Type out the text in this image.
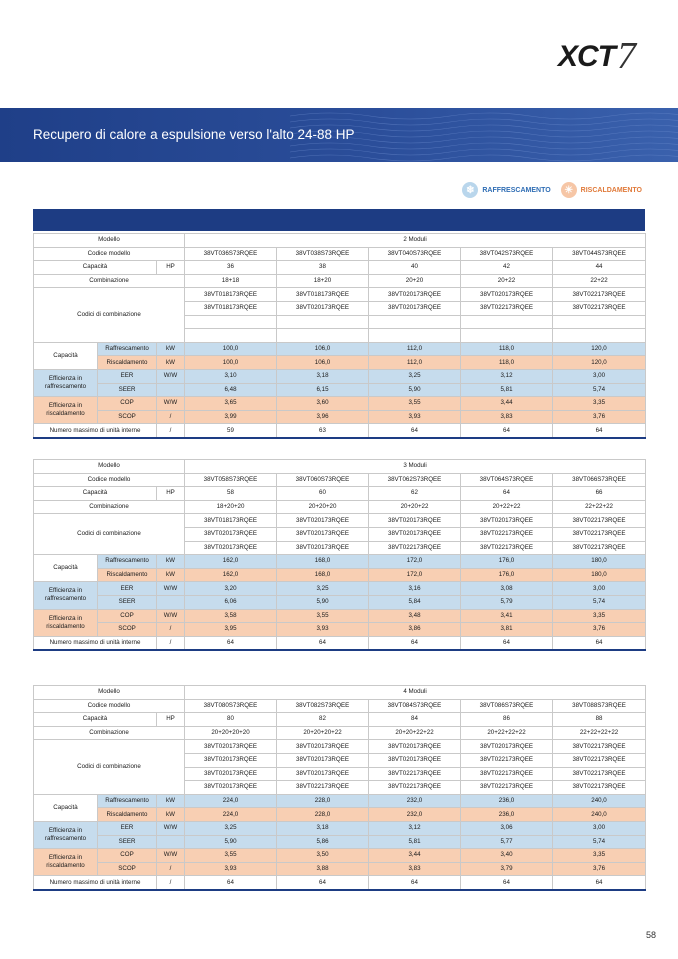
XCT 7
Recupero di calore a espulsione verso l'alto 24-88 HP
❄	RAFFRESCAMENTO	☀	RISCALDAMENTO
Modello			2 Moduli				
Codice modello			38VT036S73RQEE	38VT038S73RQEE	38VT040S73RQEE	38VT042S73RQEE	38VT044S73RQEE
Capacità		HP	36	38	40	42	44
Combinazione			18+18	18+20	20+20	20+22	22+22
Codici di combinazione			38VT018173RQEE	38VT018173RQEE	38VT020173RQEE	38VT020173RQEE	38VT022173RQEE
			38VT018173RQEE	38VT020173RQEE	38VT020173RQEE	38VT022173RQEE	38VT022173RQEE

Capacità	Raffrescamento	kW	100,0	106,0	112,0	118,0	120,0
	Riscaldamento	kW	100,0	106,0	112,0	118,0	120,0
Efficienza in raffrescamento	EER	W/W	3,10	3,18	3,25	3,12	3,00
	SEER		6,48	6,15	5,90	5,81	5,74
Efficienza in riscaldamento	COP	W/W	3,65	3,60	3,55	3,44	3,35
	SCOP	/	3,99	3,96	3,93	3,83	3,76
Numero massimo di unità interne		/	59	63	64	64	64
Modello			3 Moduli				
Codice modello			38VT058S73RQEE	38VT060S73RQEE	38VT062S73RQEE	38VT064S73RQEE	38VT066S73RQEE
Capacità		HP	58	60	62	64	66
Combinazione			18+20+20	20+20+20	20+20+22	20+22+22	22+22+22
Codici di combinazione			38VT018173RQEE	38VT020173RQEE	38VT020173RQEE	38VT020173RQEE	38VT022173RQEE
			38VT020173RQEE	38VT020173RQEE	38VT020173RQEE	38VT022173RQEE	38VT022173RQEE
			38VT020173RQEE	38VT020173RQEE	38VT022173RQEE	38VT022173RQEE	38VT022173RQEE
Capacità	Raffrescamento	kW	162,0	168,0	172,0	176,0	180,0
	Riscaldamento	kW	162,0	168,0	172,0	176,0	180,0
Efficienza in raffrescamento	EER	W/W	3,20	3,25	3,16	3,08	3,00
	SEER		6,06	5,90	5,84	5,79	5,74
Efficienza in riscaldamento	COP	W/W	3,58	3,55	3,48	3,41	3,35
	SCOP	/	3,95	3,93	3,86	3,81	3,76
Numero massimo di unità interne		/	64	64	64	64	64
Modello			4 Moduli				
Codice modello			38VT080S73RQEE	38VT082S73RQEE	38VT084S73RQEE	38VT086S73RQEE	38VT088S73RQEE
Capacità		HP	80	82	84	86	88
Combinazione			20+20+20+20	20+20+20+22	20+20+22+22	20+22+22+22	22+22+22+22
Codici di combinazione			38VT020173RQEE	38VT020173RQEE	38VT020173RQEE	38VT020173RQEE	38VT022173RQEE
			38VT020173RQEE	38VT020173RQEE	38VT020173RQEE	38VT022173RQEE	38VT022173RQEE
			38VT020173RQEE	38VT020173RQEE	38VT022173RQEE	38VT022173RQEE	38VT022173RQEE
			38VT020173RQEE	38VT022173RQEE	38VT022173RQEE	38VT022173RQEE	38VT022173RQEE
Capacità	Raffrescamento	kW	224,0	228,0	232,0	236,0	240,0
	Riscaldamento	kW	224,0	228,0	232,0	236,0	240,0
Efficienza in raffrescamento	EER	W/W	3,25	3,18	3,12	3,06	3,00
	SEER		5,90	5,86	5,81	5,77	5,74
Efficienza in riscaldamento	COP	W/W	3,55	3,50	3,44	3,40	3,35
	SCOP	/	3,93	3,88	3,83	3,79	3,76
Numero massimo di unità interne		/	64	64	64	64	64
58
